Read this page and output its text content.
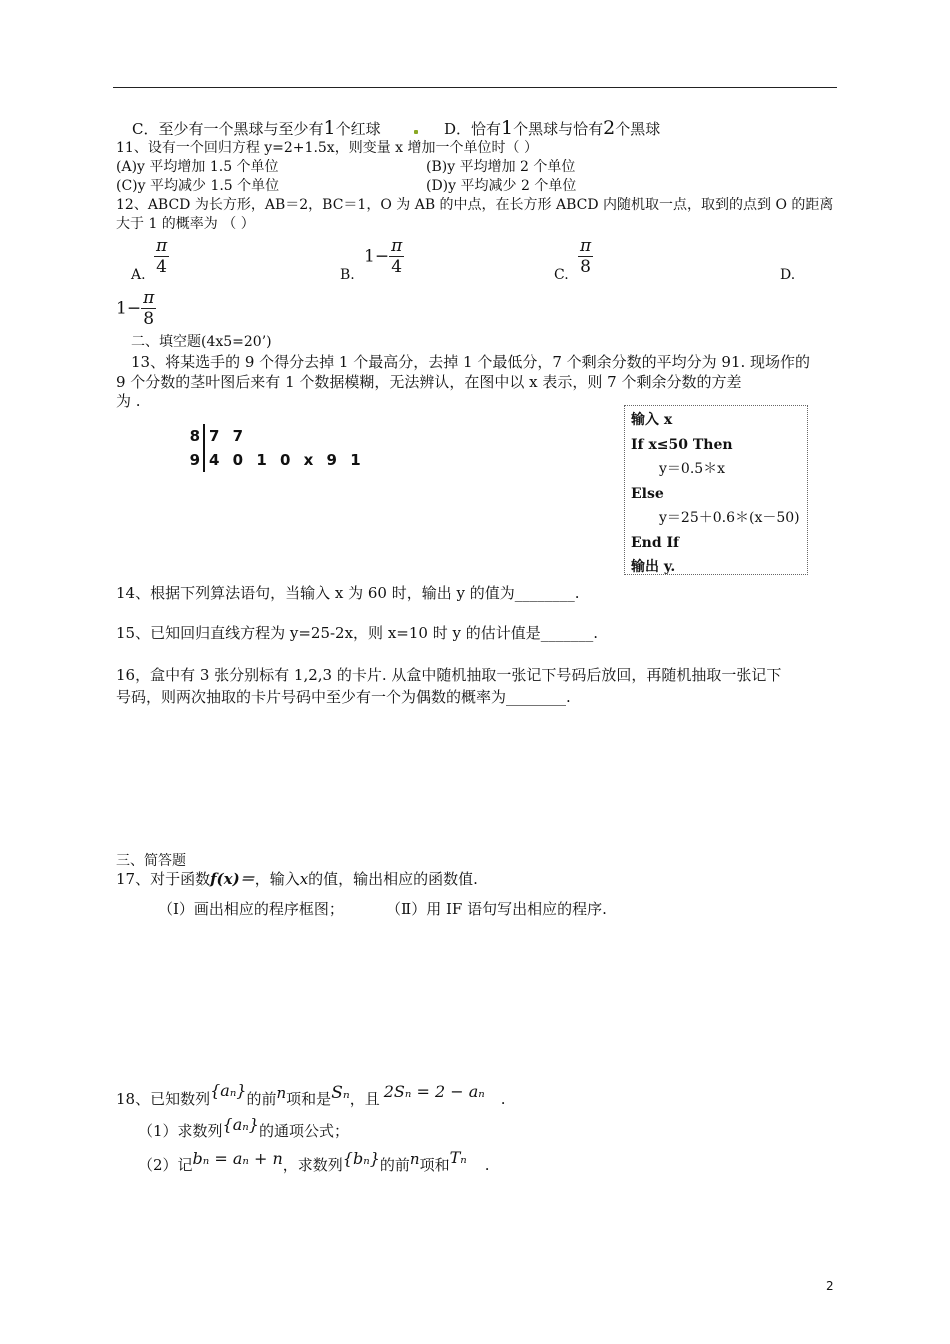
C．至少有一个黑球与至少有1个红球	D．恰有1个黑球与恰有2个黑球
11、设有一个回归方程 y=2+1.5x，则变量 x 增加一个单位时（ ）
(A)y 平均增加 1.5 个单位	(B)y 平均增加 2 个单位
(C)y 平均减少 1.5 个单位	(D)y 平均减少 2 个单位
12、ABCD 为长方形，AB＝2，BC＝1，O 为 AB 的中点，在长方形 ABCD 内随机取一点，取到的点到 O 的距离
大于 1 的概率为 （ ）
A. $\frac{\pi}{4}$	B.
$1- \frac{\pi}{4}$	C. $\frac{\pi}{8}$	D.
$1- \frac{\pi}{8}$
二、填空题(4x5=20’)
13、将某选手的 9 个得分去掉 1 个最高分，去掉 1 个最低分，7 个剩余分数的平均分为 91. 现场作的
9 个分数的茎叶图后来有 1 个数据模糊，无法辨认，在图中以 x 表示，则 7 个剩余分数的方差
为 .
8 7 7
9 4 0 1 0 x 9 1
输入 x
If x≤50 Then
y＝0.5＊x
Else
y＝25＋0.6＊(x－50)
End If
输出 y.
14、根据下列算法语句，当输入 x 为 60 时，输出 y 的值为________.
15、已知回归直线方程为 y=25-2x，则 x=10 时 y 的估计值是_______.
16，盒中有 3 张分别标有 1,2,3 的卡片. 从盒中随机抽取一张记下号码后放回，再随机抽取一张记下
号码，则两次抽取的卡片号码中至少有一个为偶数的概率为________.
三、简答题
17、对于函数f(x)＝，输入x的值，输出相应的函数值.
（Ⅰ）画出相应的程序框图；	（Ⅱ）用 IF 语句写出相应的程序.
18、已知数列{aₙ}的前n项和是Sₙ，且 2Sₙ = 2 − aₙ .
（1）求数列{aₙ}的通项公式；
（2）记bₙ = aₙ + n，求数列{bₙ}的前n项和Tₙ .
2
